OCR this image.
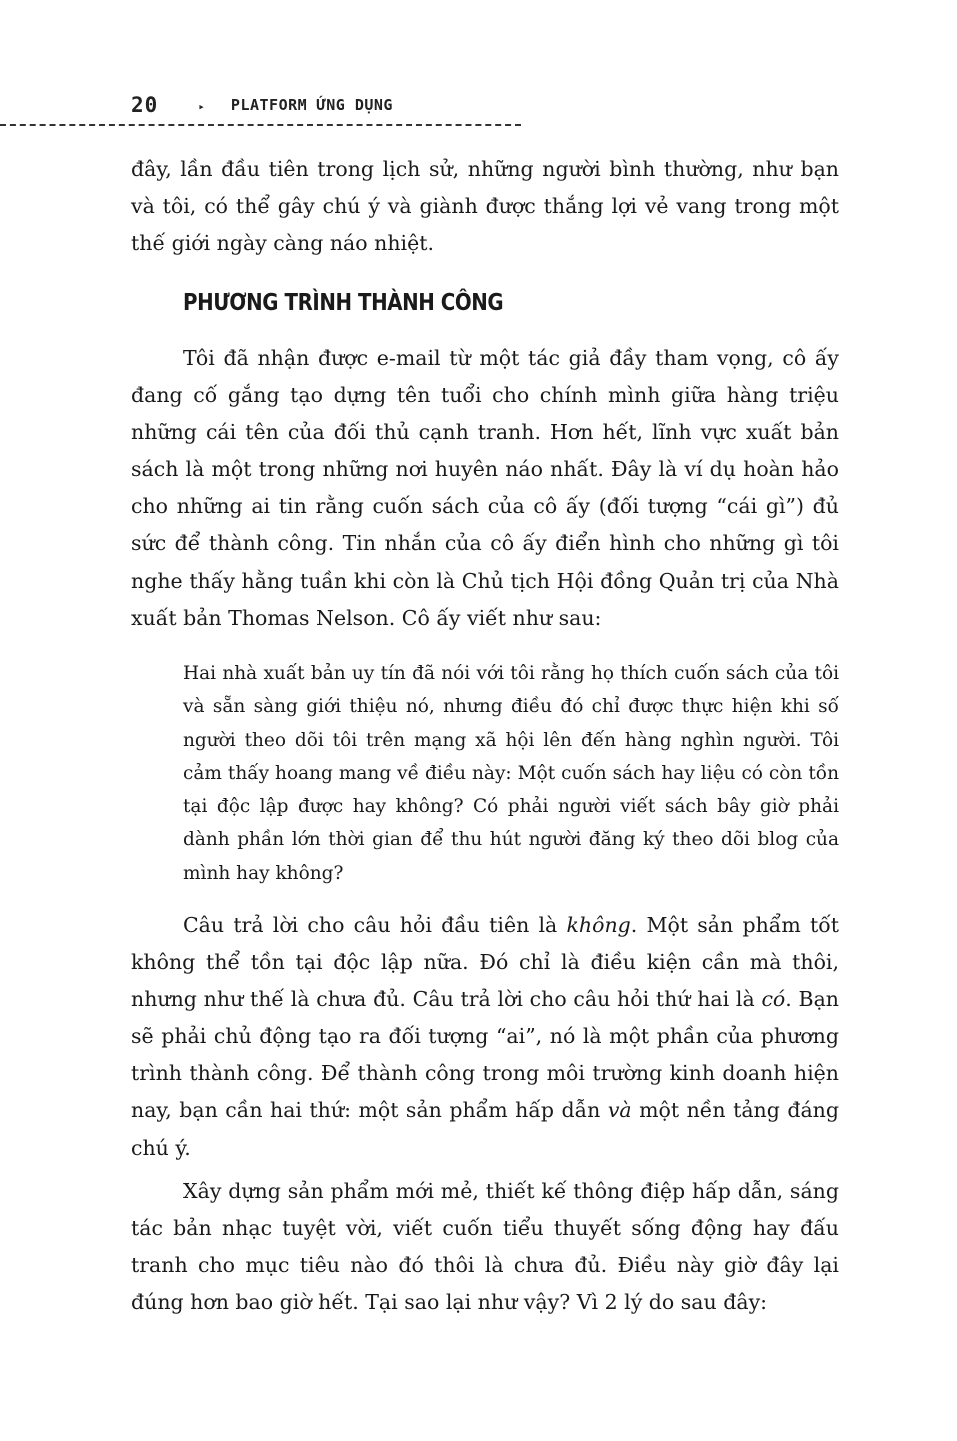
20	▸ PLATFORM ỨNG DỤNG

đây, lần đầu tiên trong lịch sử, những người bình thường, như bạn và tôi, có thể gây chú ý và giành được thắng lợi vẻ vang trong một thế giới ngày càng náo nhiệt.

PHƯƠNG TRÌNH THÀNH CÔNG

Tôi đã nhận được e-mail từ một tác giả đầy tham vọng, cô ấy đang cố gắng tạo dựng tên tuổi cho chính mình giữa hàng triệu những cái tên của đối thủ cạnh tranh. Hơn hết, lĩnh vực xuất bản sách là một trong những nơi huyên náo nhất. Đây là ví dụ hoàn hảo cho những ai tin rằng cuốn sách của cô ấy (đối tượng “cái gì”) đủ sức để thành công. Tin nhắn của cô ấy điển hình cho những gì tôi nghe thấy hằng tuần khi còn là Chủ tịch Hội đồng Quản trị của Nhà xuất bản Thomas Nelson. Cô ấy viết như sau:

Hai nhà xuất bản uy tín đã nói với tôi rằng họ thích cuốn sách của tôi và sẵn sàng giới thiệu nó, nhưng điều đó chỉ được thực hiện khi số người theo dõi tôi trên mạng xã hội lên đến hàng nghìn người. Tôi cảm thấy hoang mang về điều này: Một cuốn sách hay liệu có còn tồn tại độc lập được hay không? Có phải người viết sách bây giờ phải dành phần lớn thời gian để thu hút người đăng ký theo dõi blog của mình hay không?

Câu trả lời cho câu hỏi đầu tiên là không. Một sản phẩm tốt không thể tồn tại độc lập nữa. Đó chỉ là điều kiện cần mà thôi, nhưng như thế là chưa đủ. Câu trả lời cho câu hỏi thứ hai là có. Bạn sẽ phải chủ động tạo ra đối tượng “ai”, nó là một phần của phương trình thành công. Để thành công trong môi trường kinh doanh hiện nay, bạn cần hai thứ: một sản phẩm hấp dẫn và một nền tảng đáng chú ý.

Xây dựng sản phẩm mới mẻ, thiết kế thông điệp hấp dẫn, sáng tác bản nhạc tuyệt vời, viết cuốn tiểu thuyết sống động hay đấu tranh cho mục tiêu nào đó thôi là chưa đủ. Điều này giờ đây lại đúng hơn bao giờ hết. Tại sao lại như vậy? Vì 2 lý do sau đây:
